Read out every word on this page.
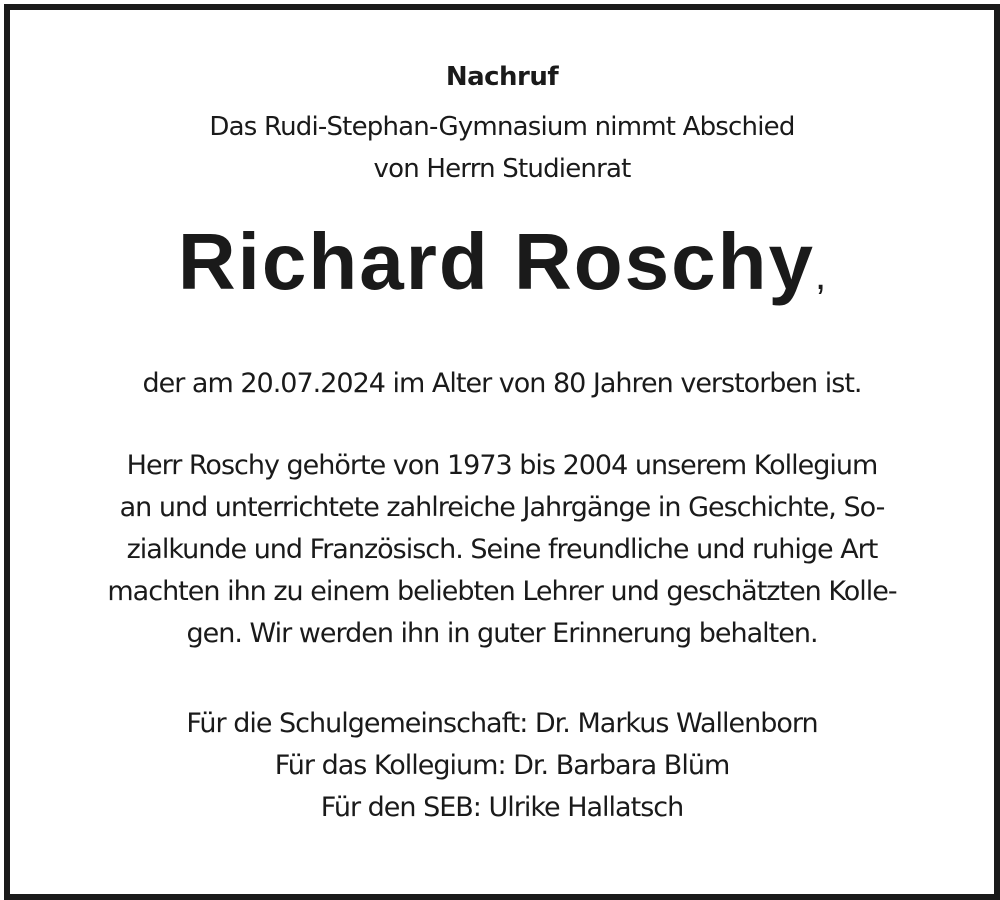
Nachruf
Das Rudi-Stephan-Gymnasium nimmt Abschied
von Herrn Studienrat
Richard Roschy,
der am 20.07.2024 im Alter von 80 Jahren verstorben ist.
Herr Roschy gehörte von 1973 bis 2004 unserem Kollegium
an und unterrichtete zahlreiche Jahrgänge in Geschichte, So-
zialkunde und Französisch. Seine freundliche und ruhige Art
machten ihn zu einem beliebten Lehrer und geschätzten Kolle-
gen. Wir werden ihn in guter Erinnerung behalten.
Für die Schulgemeinschaft: Dr. Markus Wallenborn
Für das Kollegium: Dr. Barbara Blüm
Für den SEB: Ulrike Hallatsch
